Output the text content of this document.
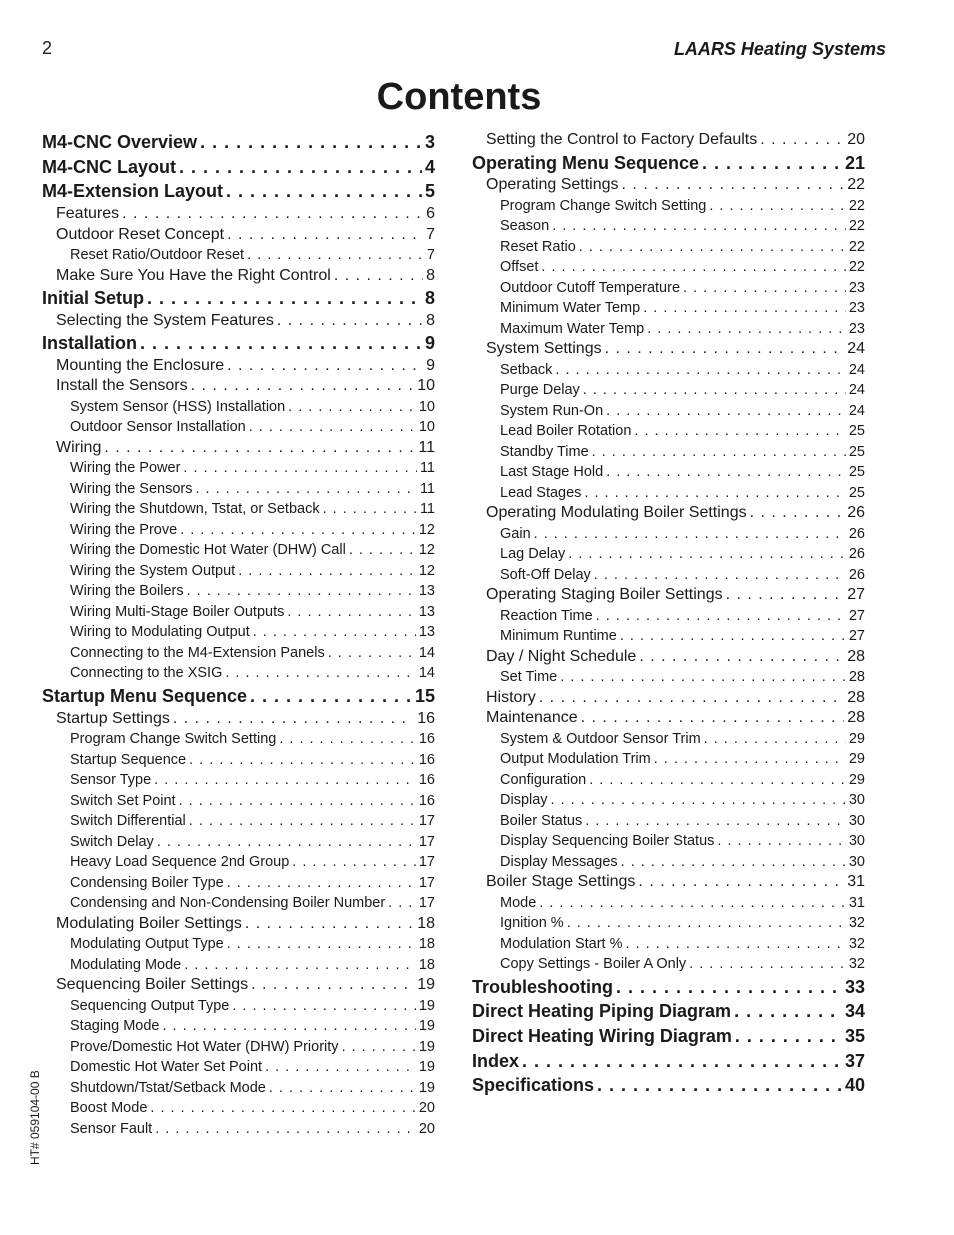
2	LAARS Heating Systems
Contents
M4-CNC Overview . . .	3
M4-CNC Layout . . .	4
M4-Extension Layout . . .	5
Features . . .	6
Outdoor Reset Concept . . .	7
Reset Ratio/Outdoor Reset . . .	7
Make Sure You Have the Right Control . . .	8
Initial Setup . . .	8
Selecting the System Features . . .	8
Installation . . .	9
Mounting the Enclosure . . .	9
Install the Sensors . . .	10
System Sensor (HSS) Installation . . .	10
Outdoor Sensor Installation . . .	10
Wiring . . .	11
Wiring the Power . . .	11
Wiring the Sensors . . .	11
Wiring the Shutdown, Tstat, or Setback . . .	11
Wiring the Prove . . .	12
Wiring the Domestic Hot Water (DHW) Call . . .	12
Wiring the System Output . . .	12
Wiring the Boilers . . .	13
Wiring Multi-Stage Boiler Outputs . . .	13
Wiring to Modulating Output . . .	13
Connecting to the M4-Extension Panels . . .	14
Connecting to the XSIG . . .	14
Startup Menu Sequence . . .	15
Startup Settings . . .	16
Program Change Switch Setting . . .	16
Startup Sequence . . .	16
Sensor Type . . .	16
Switch Set Point . . .	16
Switch Differential . . .	17
Switch Delay . . .	17
Heavy Load Sequence 2nd Group . . .	17
Condensing Boiler Type . . .	17
Condensing and Non-Condensing Boiler Number . . . 17
Modulating Boiler Settings . . .	18
Modulating Output Type . . .	18
Modulating Mode . . .	18
Sequencing Boiler Settings . . .	19
Sequencing Output Type . . .	19
Staging Mode . . .	19
Prove/Domestic Hot Water (DHW) Priority . . .	19
Domestic Hot Water Set Point . . .	19
Shutdown/Tstat/Setback Mode . . .	19
Boost Mode . . .	20
Sensor Fault . . .	20
Setting the Control to Factory Defaults . . .	20
Operating Menu Sequence . . .	21
Operating Settings . . .	22
Program Change Switch Setting . . .	22
Season . . .	22
Reset Ratio . . .	22
Offset . . .	22
Outdoor Cutoff Temperature . . .	23
Minimum Water Temp . . .	23
Maximum Water Temp . . .	23
System Settings . . .	24
Setback . . .	24
Purge Delay . . .	24
System Run-On . . .	24
Lead Boiler Rotation . . .	25
Standby Time . . .	25
Last Stage Hold . . .	25
Lead Stages . . .	25
Operating Modulating Boiler Settings . . .	26
Gain . . .	26
Lag Delay . . .	26
Soft-Off Delay . . .	26
Operating Staging Boiler Settings . . .	27
Reaction Time . . .	27
Minimum Runtime . . .	27
Day / Night Schedule . . .	28
Set Time . . .	28
History . . .	28
Maintenance . . .	28
System & Outdoor Sensor Trim . . .	29
Output Modulation Trim . . .	29
Configuration . . .	29
Display . . .	30
Boiler Status . . .	30
Display Sequencing Boiler Status . . .	30
Display Messages . . .	30
Boiler Stage Settings . . .	31
Mode . . .	31
Ignition % . . .	32
Modulation Start % . . .	32
Copy Settings - Boiler A Only . . .	32
Troubleshooting . . .	33
Direct Heating Piping Diagram . . .	34
Direct Heating Wiring Diagram . . .	35
Index . . .	37
Specifications . . .	40
HT# 059104-00 B
